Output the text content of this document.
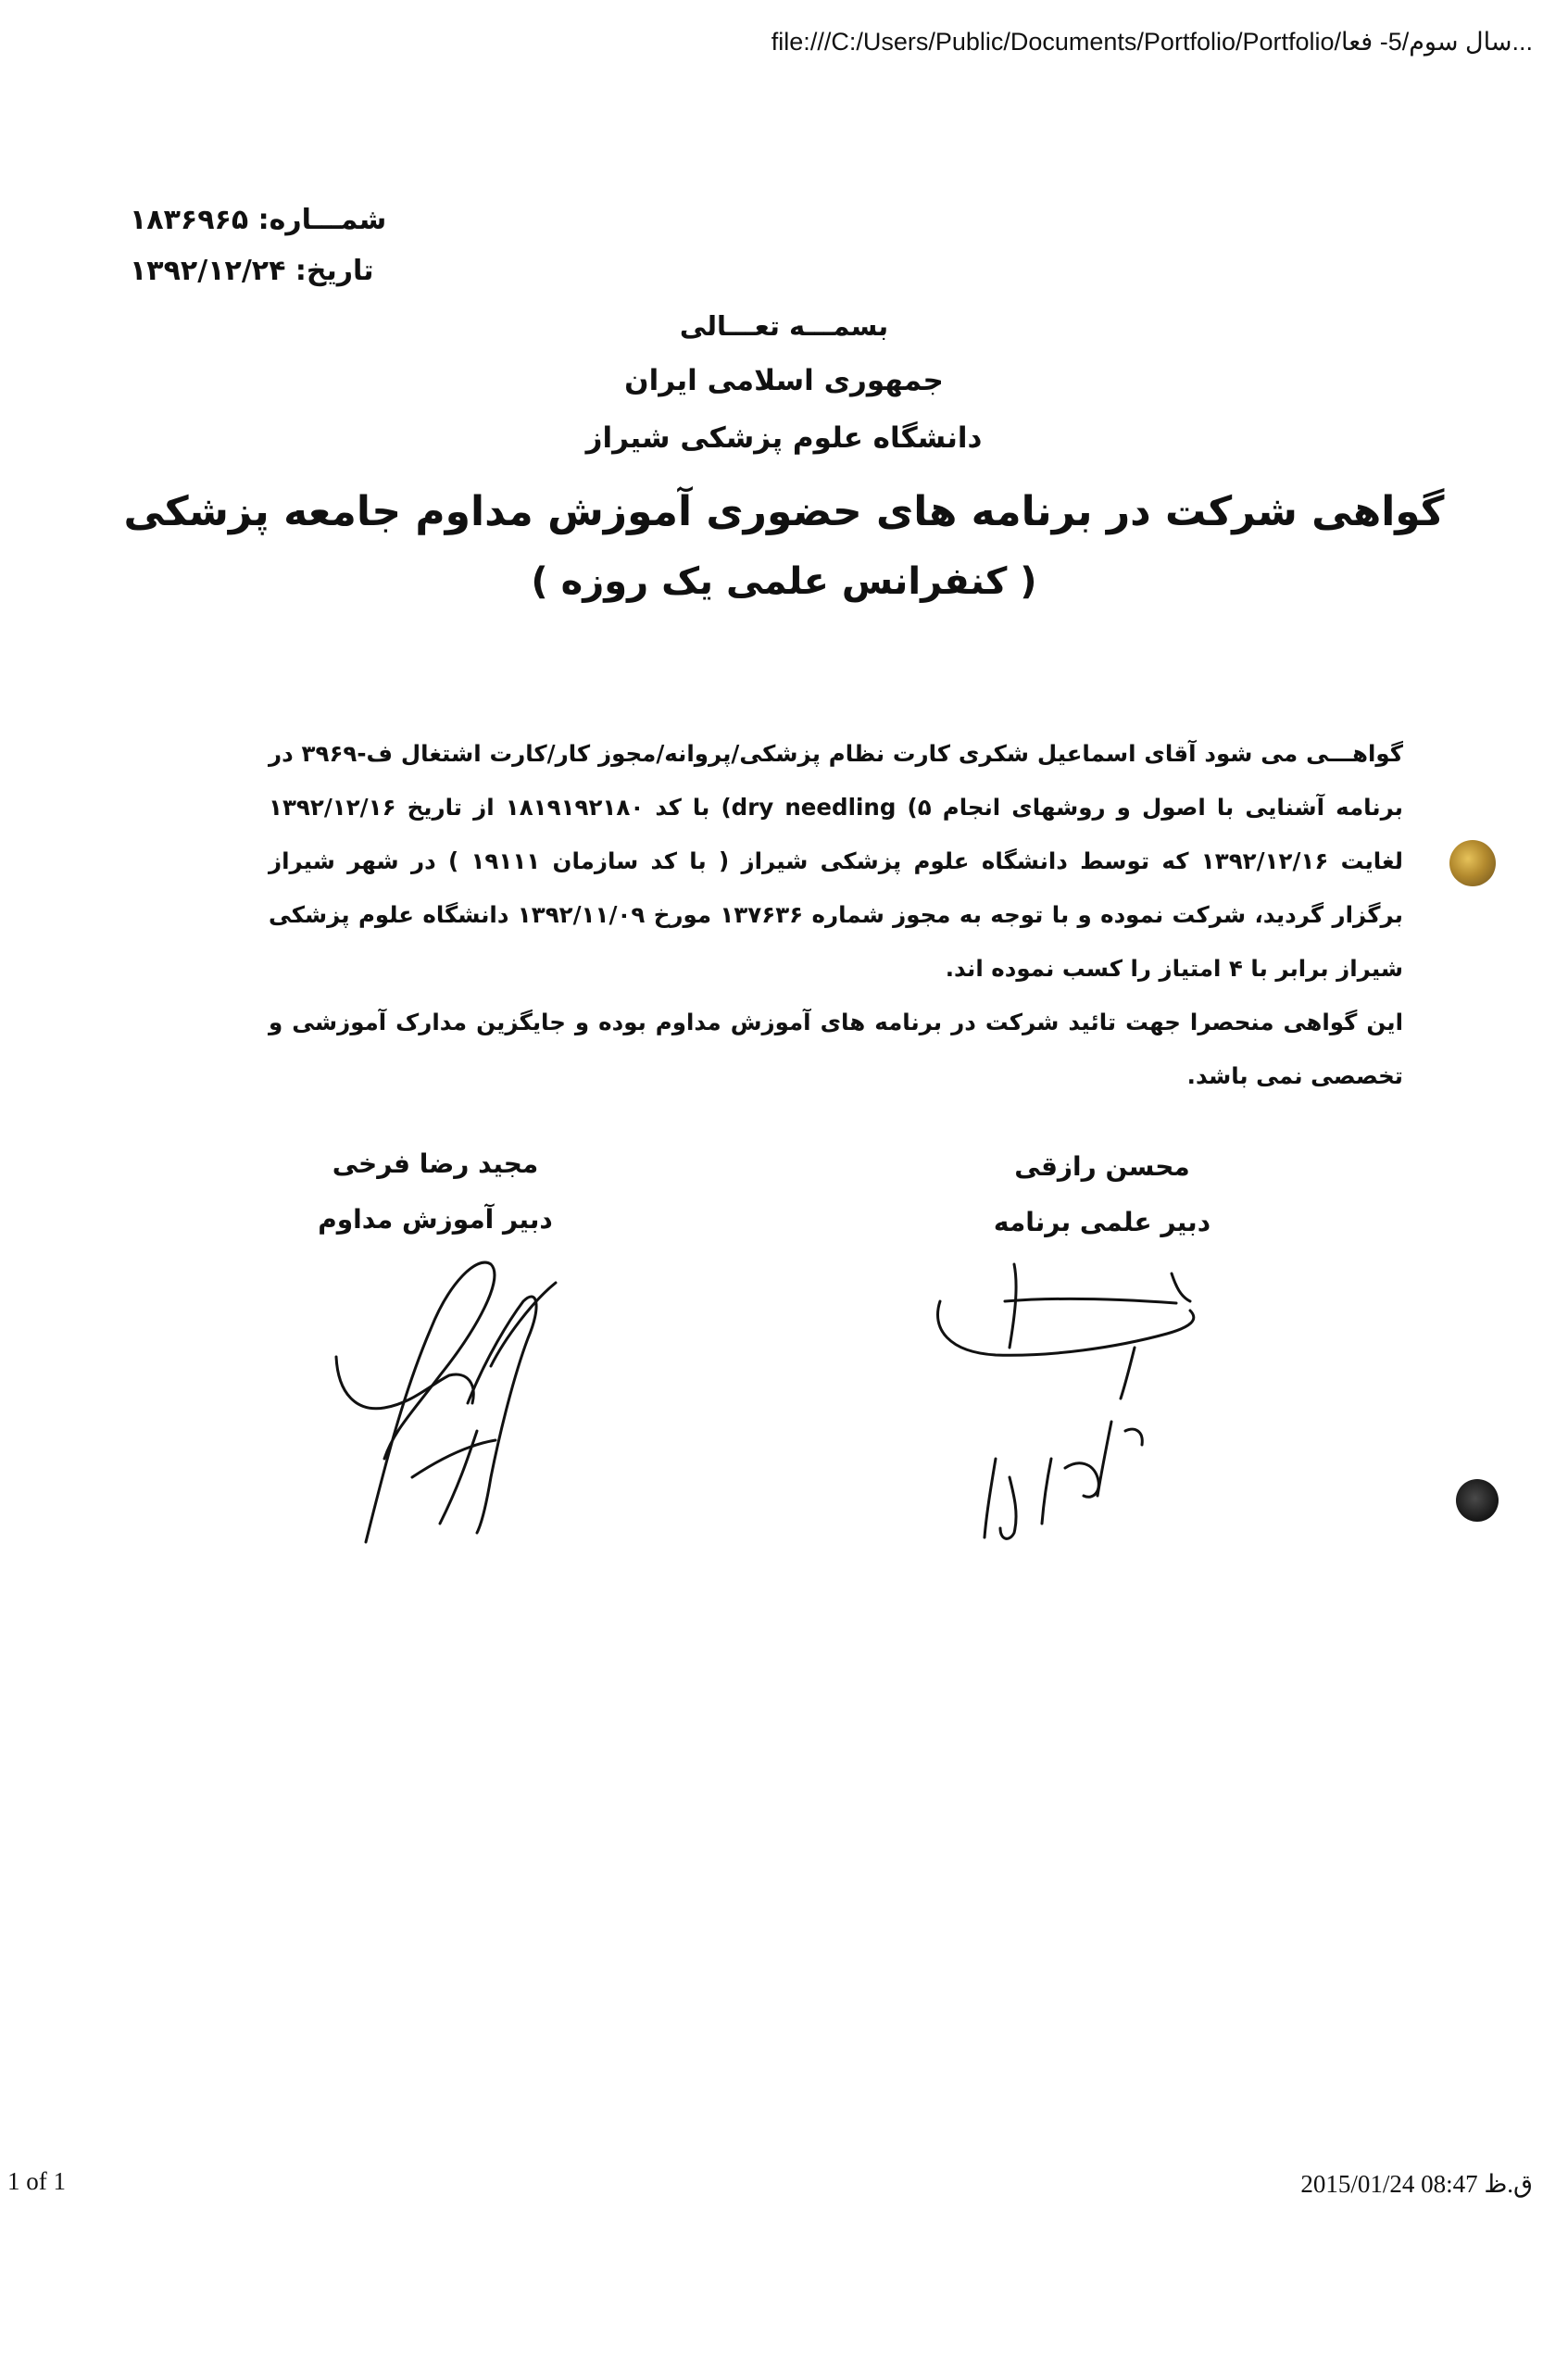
file:///C:/Users/Public/Documents/Portfolio/Portfolio/سال سوم/5- فعا...
شمـــاره: ۱۸۳۶۹۶۵
تاریخ: ۱۳۹۲/۱۲/۲۴
بسمـــه تعـــالی
جمهوری اسلامی ایران
دانشگاه علوم پزشکی شیراز
گواهی شرکت در برنامه های حضوری آموزش مداوم جامعه پزشکی
( کنفرانس علمی یک روزه )

گواهـــی می شود آقای اسماعیل شکری کارت نظام پزشکی/پروانه/مجوز کار/کارت اشتغال ف-۳۹۶۹ در برنامه آشنایی با اصول و روشهای انجام ۵) dry needling) با کد ۱۸۱۹۱۹۲۱۸۰ از تاریخ ۱۳۹۲/۱۲/۱۶ لغایت ۱۳۹۲/۱۲/۱۶ که توسط دانشگاه علوم پزشکی شیراز ( با کد سازمان ۱۹۱۱۱ ) در شهر شیراز برگزار گردید، شرکت نموده و با توجه به مجوز شماره ۱۳۷۶۳۶ مورخ ۱۳۹۲/۱۱/۰۹ دانشگاه علوم پزشکی شیراز برابر با ۴ امتیاز را کسب نموده اند.

این گواهی منحصرا جهت تائید شرکت در برنامه های آموزش مداوم بوده و جایگزین مدارک آموزشی و تخصصی نمی باشد.

مجید رضا فرخی
دبیر آموزش مداوم
محسن رازقی
دبیر علمی برنامه
1 of 1	2015/01/24 08:47 ق.ظ
